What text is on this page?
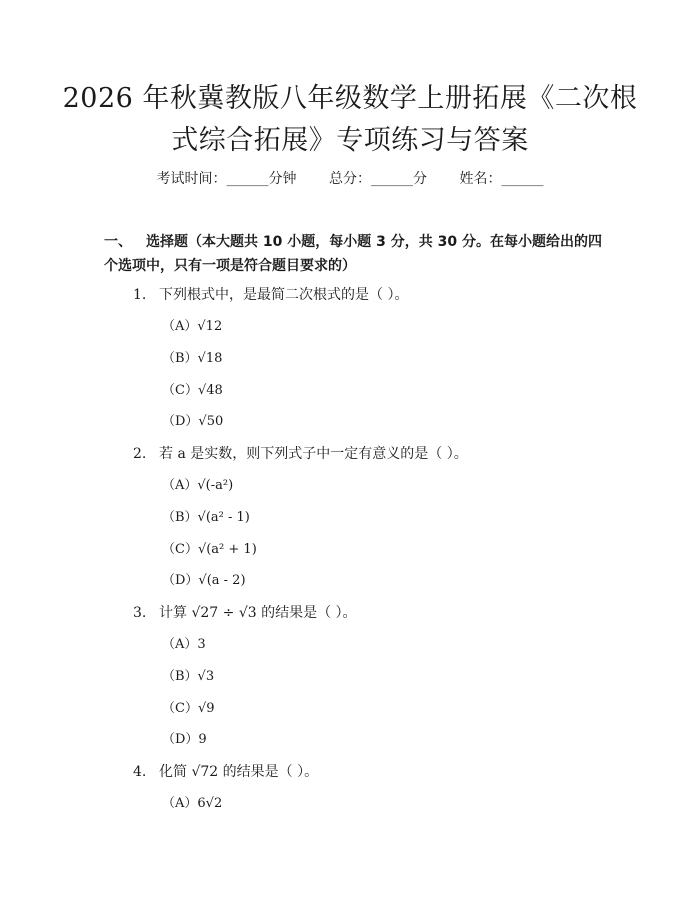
2026 年秋冀教版八年级数学上册拓展《二次根式综合拓展》专项练习与答案
考试时间：______分钟 总分：______分 姓名：______
一、 选择题（本大题共 10 小题，每小题 3 分，共 30 分。在每小题给出的四个选项中，只有一项是符合题目要求的）
1. 下列根式中，是最简二次根式的是（ ）。
（A）√12
（B）√18
（C）√48
（D）√50
2. 若 a 是实数，则下列式子中一定有意义的是（ ）。
（A）√(-a²)
（B）√(a² - 1)
（C）√(a² + 1)
（D）√(a - 2)
3. 计算 √27 ÷ √3 的结果是（ ）。
（A）3
（B）√3
（C）√9
（D）9
4. 化简 √72 的结果是（ ）。
（A）6√2
